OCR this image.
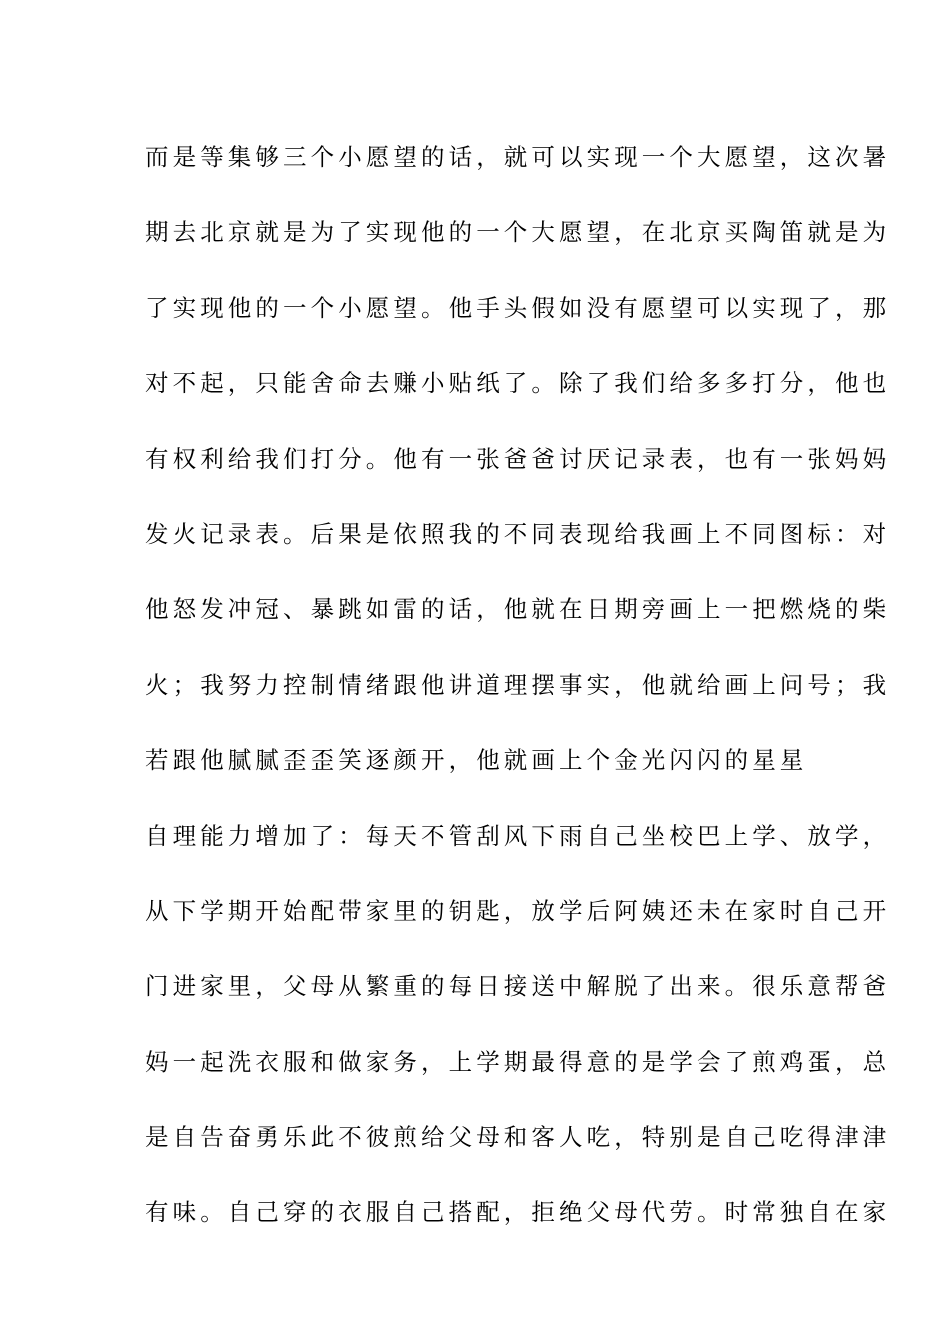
而是等集够三个小愿望的话，就可以实现一个大愿望，这次暑
期去北京就是为了实现他的一个大愿望，在北京买陶笛就是为
了实现他的一个小愿望。他手头假如没有愿望可以实现了，那
对不起，只能舍命去赚小贴纸了。除了我们给多多打分，他也
有权利给我们打分。他有一张爸爸讨厌记录表，也有一张妈妈
发火记录表。后果是依照我的不同表现给我画上不同图标：对
他怒发冲冠、暴跳如雷的话，他就在日期旁画上一把燃烧的柴
火；我努力控制情绪跟他讲道理摆事实，他就给画上问号；我
若跟他腻腻歪歪笑逐颜开，他就画上个金光闪闪的星星
自理能力增加了：每天不管刮风下雨自己坐校巴上学、放学，
从下学期开始配带家里的钥匙，放学后阿姨还未在家时自己开
门进家里，父母从繁重的每日接送中解脱了出来。很乐意帮爸
妈一起洗衣服和做家务，上学期最得意的是学会了煎鸡蛋，总
是自告奋勇乐此不彼煎给父母和客人吃，特别是自己吃得津津
有味。自己穿的衣服自己搭配，拒绝父母代劳。时常独自在家
